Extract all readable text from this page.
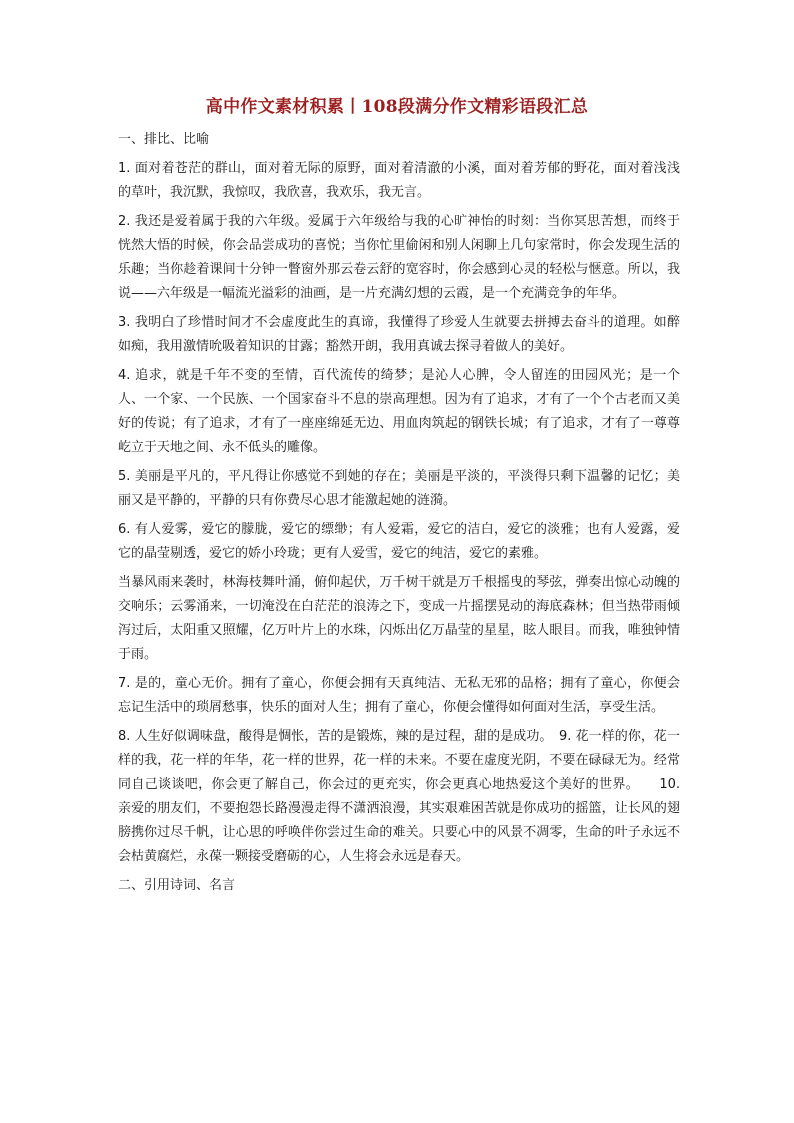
高中作文素材积累丨108段满分作文精彩语段汇总

一、排比、比喻

1. 面对着苍茫的群山，面对着无际的原野，面对着清澈的小溪，面对着芳郁的野花，面对着浅浅的草叶，我沉默，我惊叹，我欣喜，我欢乐，我无言。

2. 我还是爱着属于我的六年级。爱属于六年级给与我的心旷神怡的时刻：当你冥思苦想，而终于恍然大悟的时候，你会品尝成功的喜悦；当你忙里偷闲和别人闲聊上几句家常时，你会发现生活的乐趣；当你趁着课间十分钟一瞥窗外那云卷云舒的宽容时，你会感到心灵的轻松与惬意。所以，我说——六年级是一幅流光溢彩的油画，是一片充满幻想的云霞，是一个充满竞争的年华。

3. 我明白了珍惜时间才不会虚度此生的真谛，我懂得了珍爱人生就要去拼搏去奋斗的道理。如醉如痴，我用激情吮吸着知识的甘露；豁然开朗，我用真诚去探寻着做人的美好。

4. 追求，就是千年不变的至情，百代流传的绮梦；是沁人心脾，令人留连的田园风光；是一个人、一个家、一个民族、一个国家奋斗不息的崇高理想。因为有了追求，才有了一个个古老而又美好的传说；有了追求，才有了一座座绵延无边、用血肉筑起的钢铁长城；有了追求，才有了一尊尊屹立于天地之间、永不低头的雕像。

5. 美丽是平凡的，平凡得让你感觉不到她的存在；美丽是平淡的，平淡得只剩下温馨的记忆；美丽又是平静的，平静的只有你费尽心思才能激起她的涟漪。

6. 有人爱雾，爱它的朦胧，爱它的缥缈；有人爱霜，爱它的洁白，爱它的淡雅；也有人爱露，爱它的晶莹剔透，爱它的娇小玲珑；更有人爱雪，爱它的纯洁，爱它的素雅。

当暴风雨来袭时，林海枝舞叶涌，俯仰起伏，万千树干就是万千根摇曳的琴弦，弹奏出惊心动魄的交响乐；云雾涌来，一切淹没在白茫茫的浪涛之下，变成一片摇摆晃动的海底森林；但当热带雨倾泻过后，太阳重又照耀，亿万叶片上的水珠，闪烁出亿万晶莹的星星，眩人眼目。而我，唯独钟情于雨。

7. 是的，童心无价。拥有了童心，你便会拥有天真纯洁、无私无邪的品格；拥有了童心，你便会忘记生活中的琐屑愁事，快乐的面对人生；拥有了童心，你便会懂得如何面对生活，享受生活。

8. 人生好似调味盘，酸得是惆怅，苦的是锻炼，辣的是过程，甜的是成功。　9. 花一样的你，花一样的我，花一样的年华，花一样的世界，花一样的未来。不要在虚度光阴，不要在碌碌无为。经常同自己谈谈吧，你会更了解自己，你会过的更充实，你会更真心地热爱这个美好的世界。　　10. 亲爱的朋友们，不要抱怨长路漫漫走得不潇洒浪漫，其实艰难困苦就是你成功的摇篮，让长风的翅膀携你过尽千帆，让心思的呼唤伴你尝过生命的难关。只要心中的风景不凋零，生命的叶子永远不会枯黄腐烂，永葆一颗接受磨砺的心，人生将会永远是春天。

二、引用诗词、名言
